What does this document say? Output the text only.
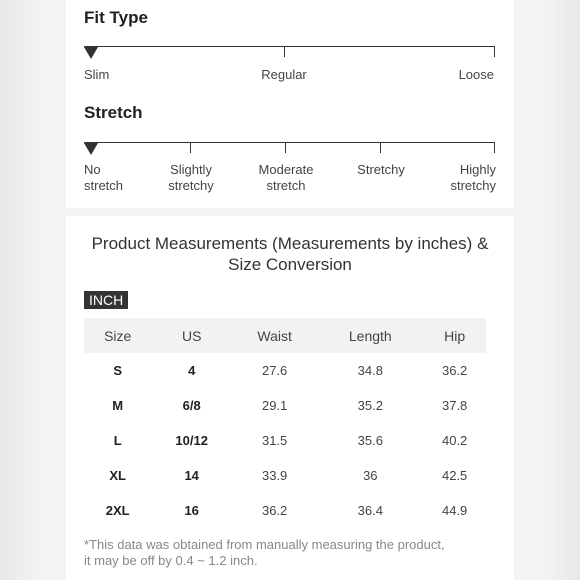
Fit Type
Slim	Regular	Loose
Stretch
No
stretch
Slightly
stretchy
Moderate
stretch
Stretchy	Highly
stretchy
Product Measurements (Measurements by inches) & Size Conversion
INCH
Size	US	Waist	Length	Hip
S	4	27.6	34.8	36.2
M	6/8	29.1	35.2	37.8
L	10/12	31.5	35.6	40.2
XL	14	33.9	36	42.5
2XL	16	36.2	36.4	44.9
*This data was obtained from manually measuring the product,
it may be off by 0.4 ~ 1.2 inch.
